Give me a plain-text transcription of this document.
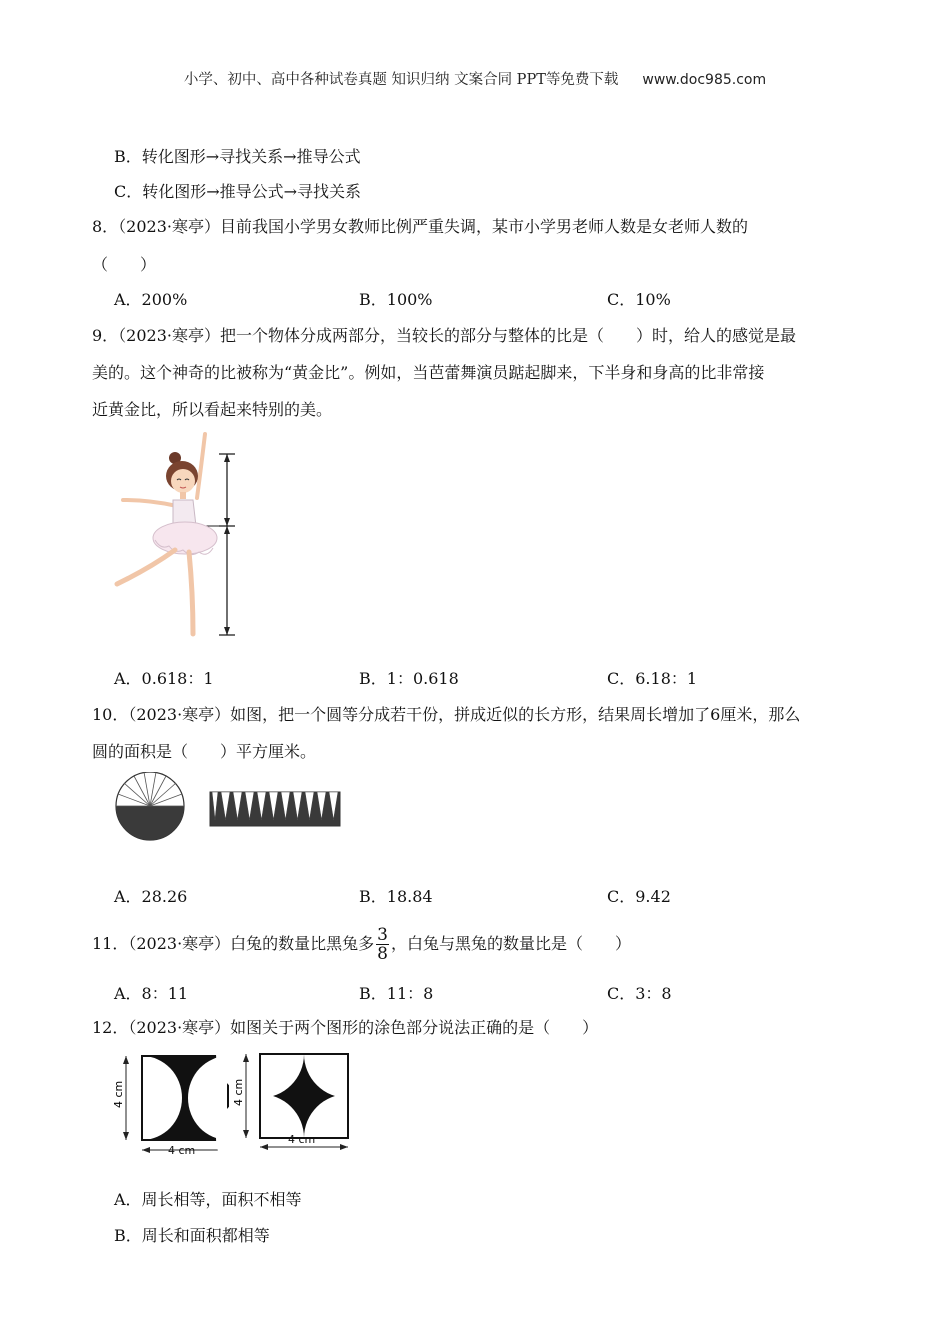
小学、初中、高中各种试卷真题 知识归纳 文案合同 PPT等免费下载 www.doc985.com
B．转化图形→寻找关系→推导公式
C．转化图形→推导公式→寻找关系
8．（2023·寒亭）目前我国小学男女教师比例严重失调，某市小学男老师人数是女老师人数的
（　　）
A．200%	B．100%	C．10%
9．（2023·寒亭）把一个物体分成两部分，当较长的部分与整体的比是（　　）时，给人的感觉是最
美的。这个神奇的比被称为“黄金比”。例如，当芭蕾舞演员踮起脚来，下半身和身高的比非常接
近黄金比，所以看起来特别的美。
A．0.618：1	B．1：0.618	C．6.18：1
10．（2023·寒亭）如图，把一个圆等分成若干份，拼成近似的长方形，结果周长增加了6厘米，那么
圆的面积是（　　）平方厘米。
A．28.26	B．18.84	C．9.42
11．（2023·寒亭）白兔的数量比黑兔多 $\frac{3}{8}$ ，白兔与黑兔的数量比是（　　）
A．8：11	B．11：8	C．3：8
12．（2023·寒亭）如图关于两个图形的涂色部分说法正确的是（　　）
4 cm
4 cm
4 cm
4 cm
A．周长相等，面积不相等
B．周长和面积都相等
